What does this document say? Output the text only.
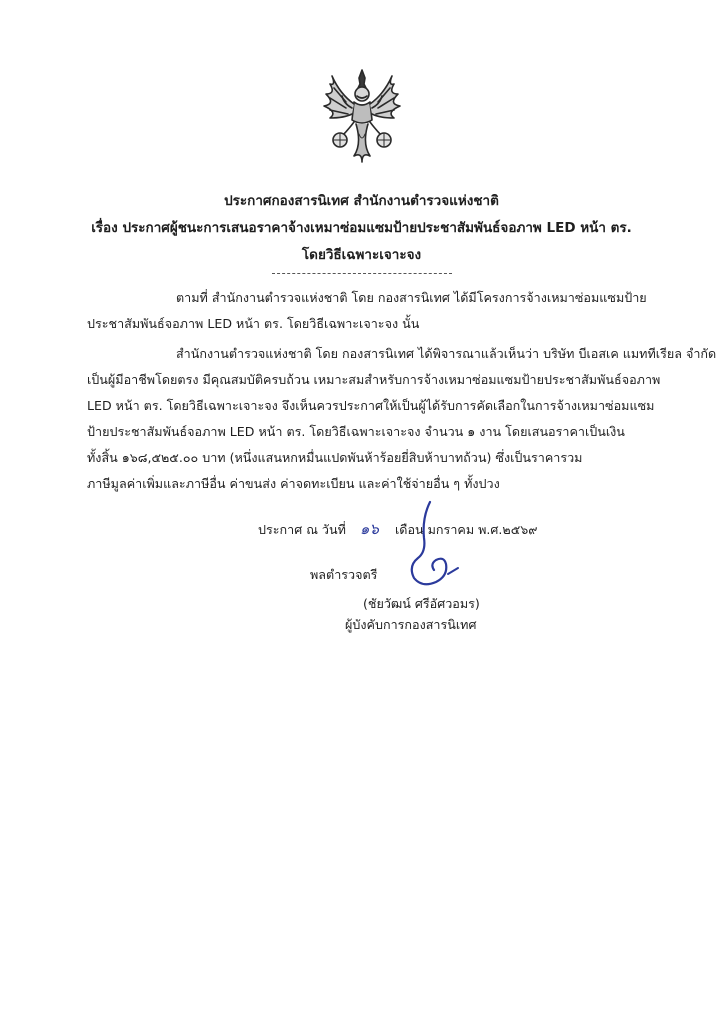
ประกาศกองสารนิเทศ สำนักงานตำรวจแห่งชาติ
เรื่อง ประกาศผู้ชนะการเสนอราคาจ้างเหมาซ่อมแซมป้ายประชาสัมพันธ์จอภาพ LED หน้า ตร.
โดยวิธีเฉพาะเจาะจง
ตามที่ สำนักงานตำรวจแห่งชาติ โดย กองสารนิเทศ ได้มีโครงการจ้างเหมาซ่อมแซมป้าย
ประชาสัมพันธ์จอภาพ LED หน้า ตร. โดยวิธีเฉพาะเจาะจง นั้น
สำนักงานตำรวจแห่งชาติ โดย กองสารนิเทศ ได้พิจารณาแล้วเห็นว่า บริษัท บีเอสเค แมททีเรียล จำกัด
เป็นผู้มีอาชีพโดยตรง มีคุณสมบัติครบถ้วน เหมาะสมสำหรับการจ้างเหมาซ่อมแซมป้ายประชาสัมพันธ์จอภาพ
LED หน้า ตร. โดยวิธีเฉพาะเจาะจง จึงเห็นควรประกาศให้เป็นผู้ได้รับการคัดเลือกในการจ้างเหมาซ่อมแซม
ป้ายประชาสัมพันธ์จอภาพ LED หน้า ตร. โดยวิธีเฉพาะเจาะจง จำนวน ๑ งาน โดยเสนอราคาเป็นเงิน
ทั้งสิ้น ๑๖๘,๕๒๕.๐๐ บาท (หนึ่งแสนหกหมื่นแปดพันห้าร้อยยี่สิบห้าบาทถ้วน) ซึ่งเป็นราคารวม
ภาษีมูลค่าเพิ่มและภาษีอื่น ค่าขนส่ง ค่าจดทะเบียน และค่าใช้จ่ายอื่น ๆ ทั้งปวง
ประกาศ ณ วันที่ ๑๖ เดือน มกราคม พ.ศ.๒๕๖๙
พลตำรวจตรี
(ชัยวัฒน์ ศรีอัศวอมร)
ผู้บังคับการกองสารนิเทศ
